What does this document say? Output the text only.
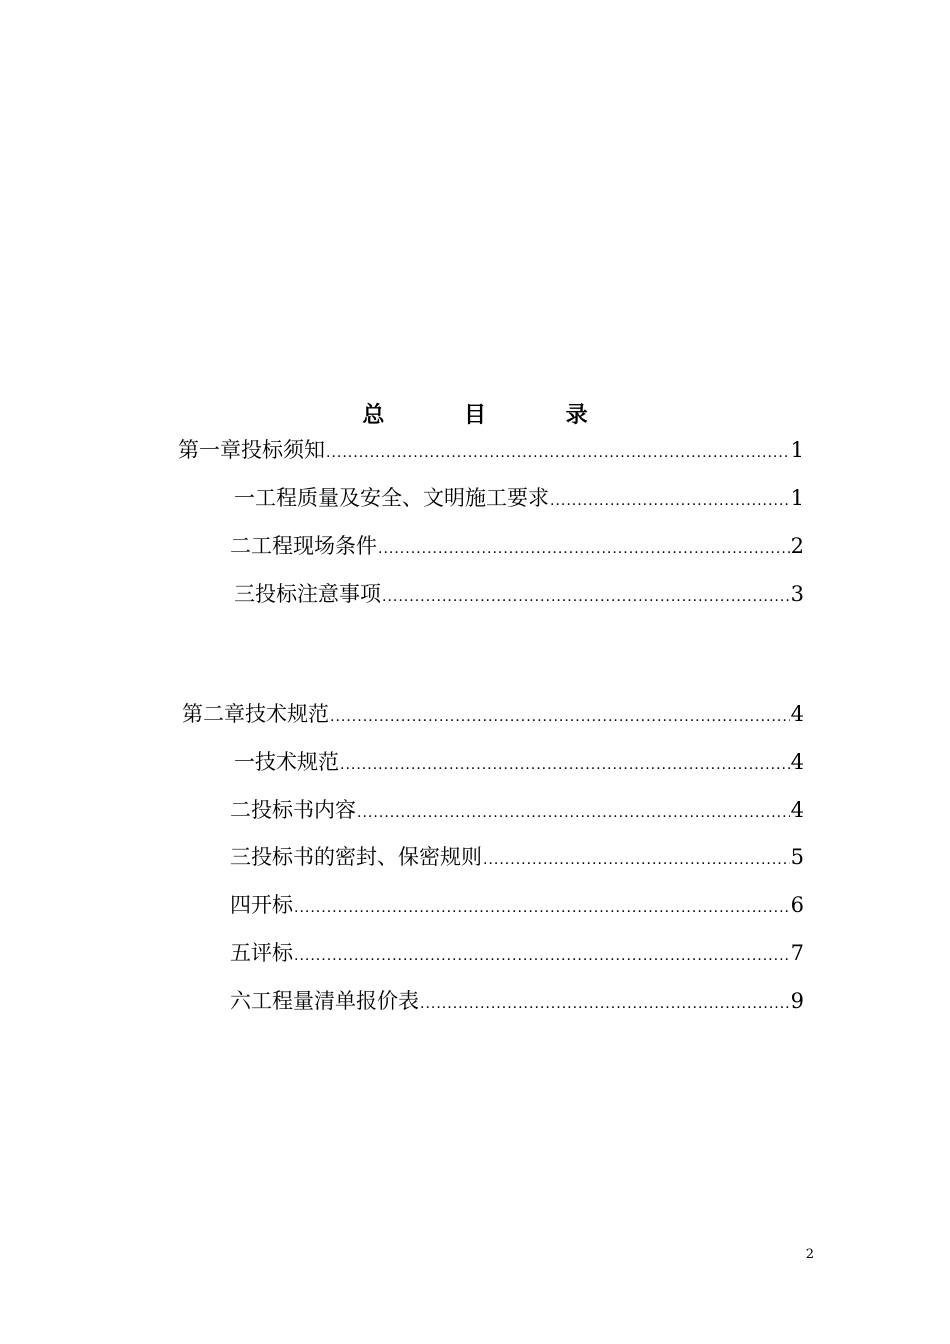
总 目 录
第一章 投标须知 .....	1
一 工程质量及安全、文明施工要求 .....	1
二 工程现场条件 .....	2
三 投标注意事项 .....	3
第二章 技术规范 .....	4
一 技术规范 .....	4
二 投标书内容 .....	4
三 投标书的密封、保密规则 .....	5
四 开标 .....	6
五 评标 .....	7
六 工程量清单报价表 .....	9
2
